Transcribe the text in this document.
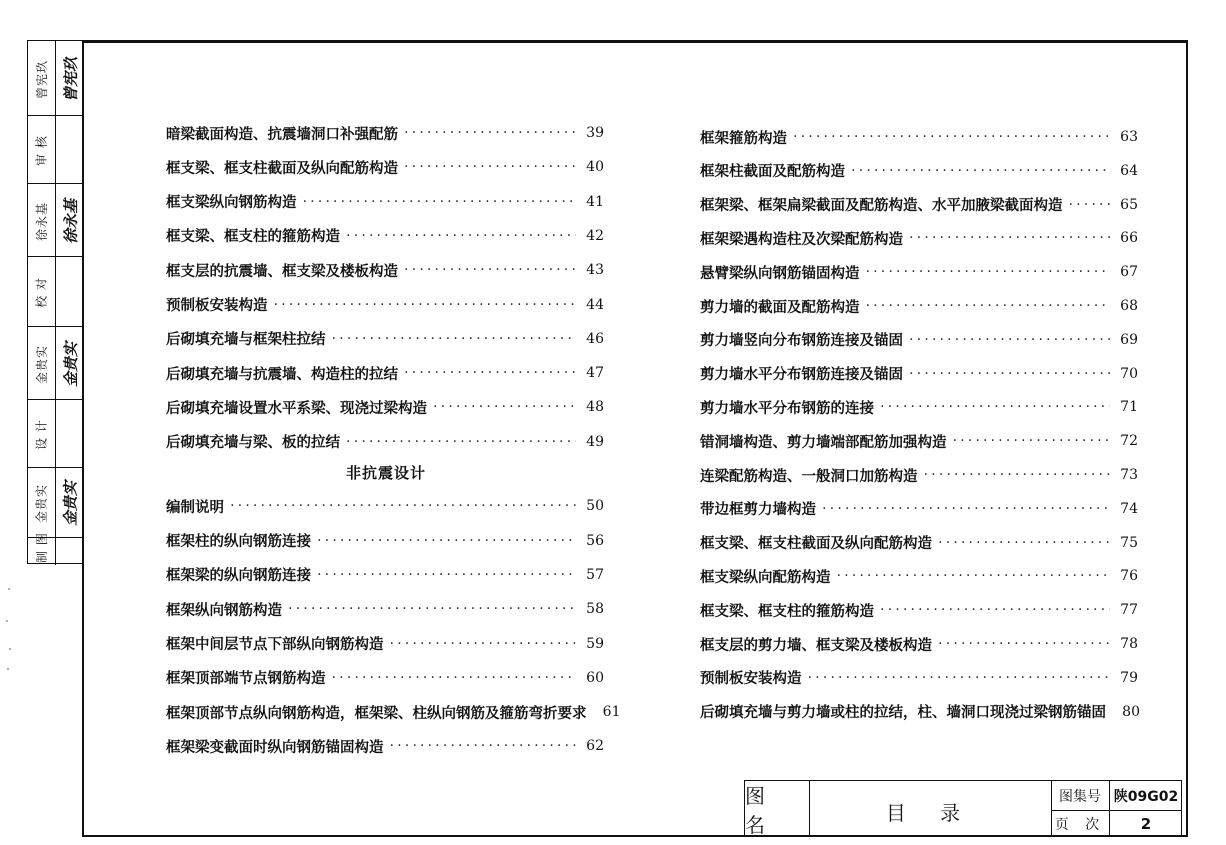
曾宪玖 曾宪玖
审 核
徐永基 徐永基
校 对
金贵实 金贵实
设 计
金贵实 金贵实
制 图
暗梁截面构造、抗震墙洞口补强配筋 ·····	39
框支梁、框支柱截面及纵向配筋构造 ·····	40
框支梁纵向钢筋构造 ·····	41
框支梁、框支柱的箍筋构造 ·····	42
框支层的抗震墙、框支梁及楼板构造 ·····	43
预制板安装构造 ·····	44
后砌填充墙与框架柱拉结 ·····	46
后砌填充墙与抗震墙、构造柱的拉结 ·····	47
后砌填充墙设置水平系梁、现浇过梁构造 ·····	48
后砌填充墙与梁、板的拉结 ·····	49
非抗震设计
编制说明 ·····	50
框架柱的纵向钢筋连接 ·····	56
框架梁的纵向钢筋连接 ·····	57
框架纵向钢筋构造 ·····	58
框架中间层节点下部纵向钢筋构造 ·····	59
框架顶部端节点钢筋构造 ·····	60
框架顶部节点纵向钢筋构造，框架梁、柱纵向钢筋及箍筋弯折要求 61
框架梁变截面时纵向钢筋锚固构造 ·····	62
框架箍筋构造 ·····	63
框架柱截面及配筋构造 ·····	64
框架梁、框架扁梁截面及配筋构造、水平加腋梁截面构造 ·····	65
框架梁遇构造柱及次梁配筋构造 ·····	66
悬臂梁纵向钢筋锚固构造 ·····	67
剪力墙的截面及配筋构造 ·····	68
剪力墙竖向分布钢筋连接及锚固 ·····	69
剪力墙水平分布钢筋连接及锚固 ·····	70
剪力墙水平分布钢筋的连接 ·····	71
错洞墙构造、剪力墙端部配筋加强构造 ·····	72
连梁配筋构造、一般洞口加筋构造 ·····	73
带边框剪力墙构造 ·····	74
框支梁、框支柱截面及纵向配筋构造 ·····	75
框支梁纵向配筋构造 ·····	76
框支梁、框支柱的箍筋构造 ·····	77
框支层的剪力墙、框支梁及楼板构造 ·····	78
预制板安装构造 ·····	79
后砌填充墙与剪力墙或柱的拉结，柱、墙洞口现浇过梁钢筋锚固 80
图 名	目 录
图集号 陕09G02
页 次	2
